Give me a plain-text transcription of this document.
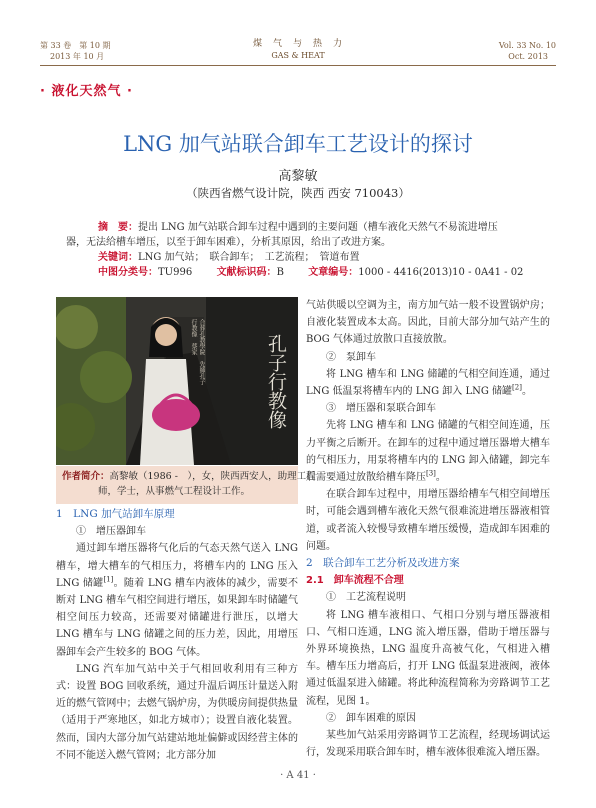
第 33 卷　第 10 期
2013 年 10 月
煤　气　与　热　力
GAS & HEAT
Vol. 33 No. 10
Oct. 2013
· 液化天然气 ·
LNG 加气站联合卸车工艺设计的探讨
高黎敏
（陕西省燃气设计院，陕西 西安 710043）
摘　要：提出 LNG 加气站联合卸车过程中遇到的主要问题（槽车液化天然气不易流进增压
器，无法给槽车增压，以至于卸车困难），分析其原因，给出了改进方案。
关键词：LNG 加气站；　联合卸车；　工艺流程；　管道布置
中图分类号：TU996 文献标识码：B 文章编号：1000 - 4416(2013)10 - 0A41 - 02
孔子行教像
合葬孔教學院　先師孔子行教像　蔡家
作者简介：高黎敏（1986 -　），女，陕西西安人，助理工程
师，学士，从事燃气工程设计工作。

1　LNG 加气站卸车原理

①　增压器卸车

通过卸车增压器将气化后的气态天然气送入 LNG 槽车，增大槽车的气相压力，将槽车内的 LNG 压入 LNG 储罐[1]。随着 LNG 槽车内液体的减少，需要不断对 LNG 槽车气相空间进行增压，如果卸车时储罐气相空间压力较高，还需要对储罐进行泄压，以增大 LNG 槽车与 LNG 储罐之间的压力差，因此，用增压器卸车会产生较多的 BOG 气体。

LNG 汽车加气站中关于气相回收利用有三种方式：设置 BOG 回收系统，通过升温后调压计量送入附近的燃气管网中；去燃气锅炉房，为供暖房间提供热量（适用于严寒地区，如北方城市）；设置自液化装置。然而，国内大部分加气站建站地址偏僻或因经营主体的不同不能送入燃气管网；北方部分加

气站供暖以空调为主，南方加气站一般不设置锅炉房；自液化装置成本太高。因此，目前大部分加气站产生的 BOG 气体通过放散口直接放散。

②　泵卸车

将 LNG 槽车和 LNG 储罐的气相空间连通，通过 LNG 低温泵将槽车内的 LNG 卸入 LNG 储罐[2]。

③　增压器和泵联合卸车

先将 LNG 槽车和 LNG 储罐的气相空间连通，压力平衡之后断开。在卸车的过程中通过增压器增大槽车的气相压力，用泵将槽车内的 LNG 卸入储罐，卸完车后需要通过放散给槽车降压[3]。

在联合卸车过程中，用增压器给槽车气相空间增压时，可能会遇到槽车液化天然气很难流进增压器液相管道，或者流入较慢导致槽车增压缓慢，造成卸车困难的问题。

2　联合卸车工艺分析及改进方案

2.1　卸车流程不合理

①　工艺流程说明

将 LNG 槽车液相口、气相口分别与增压器液相口、气相口连通，LNG 流入增压器，借助于增压器与外界环境换热，LNG 温度升高被气化，气相进入槽车。槽车压力增高后，打开 LNG 低温泵进液阀，液体通过低温泵进入储罐。将此种流程简称为旁路调节工艺流程，见图 1。

②　卸车困难的原因

某些加气站采用旁路调节工艺流程，经现场调试运行，发现采用联合卸车时，槽车液体很难流入增压器。

· A 41 ·
